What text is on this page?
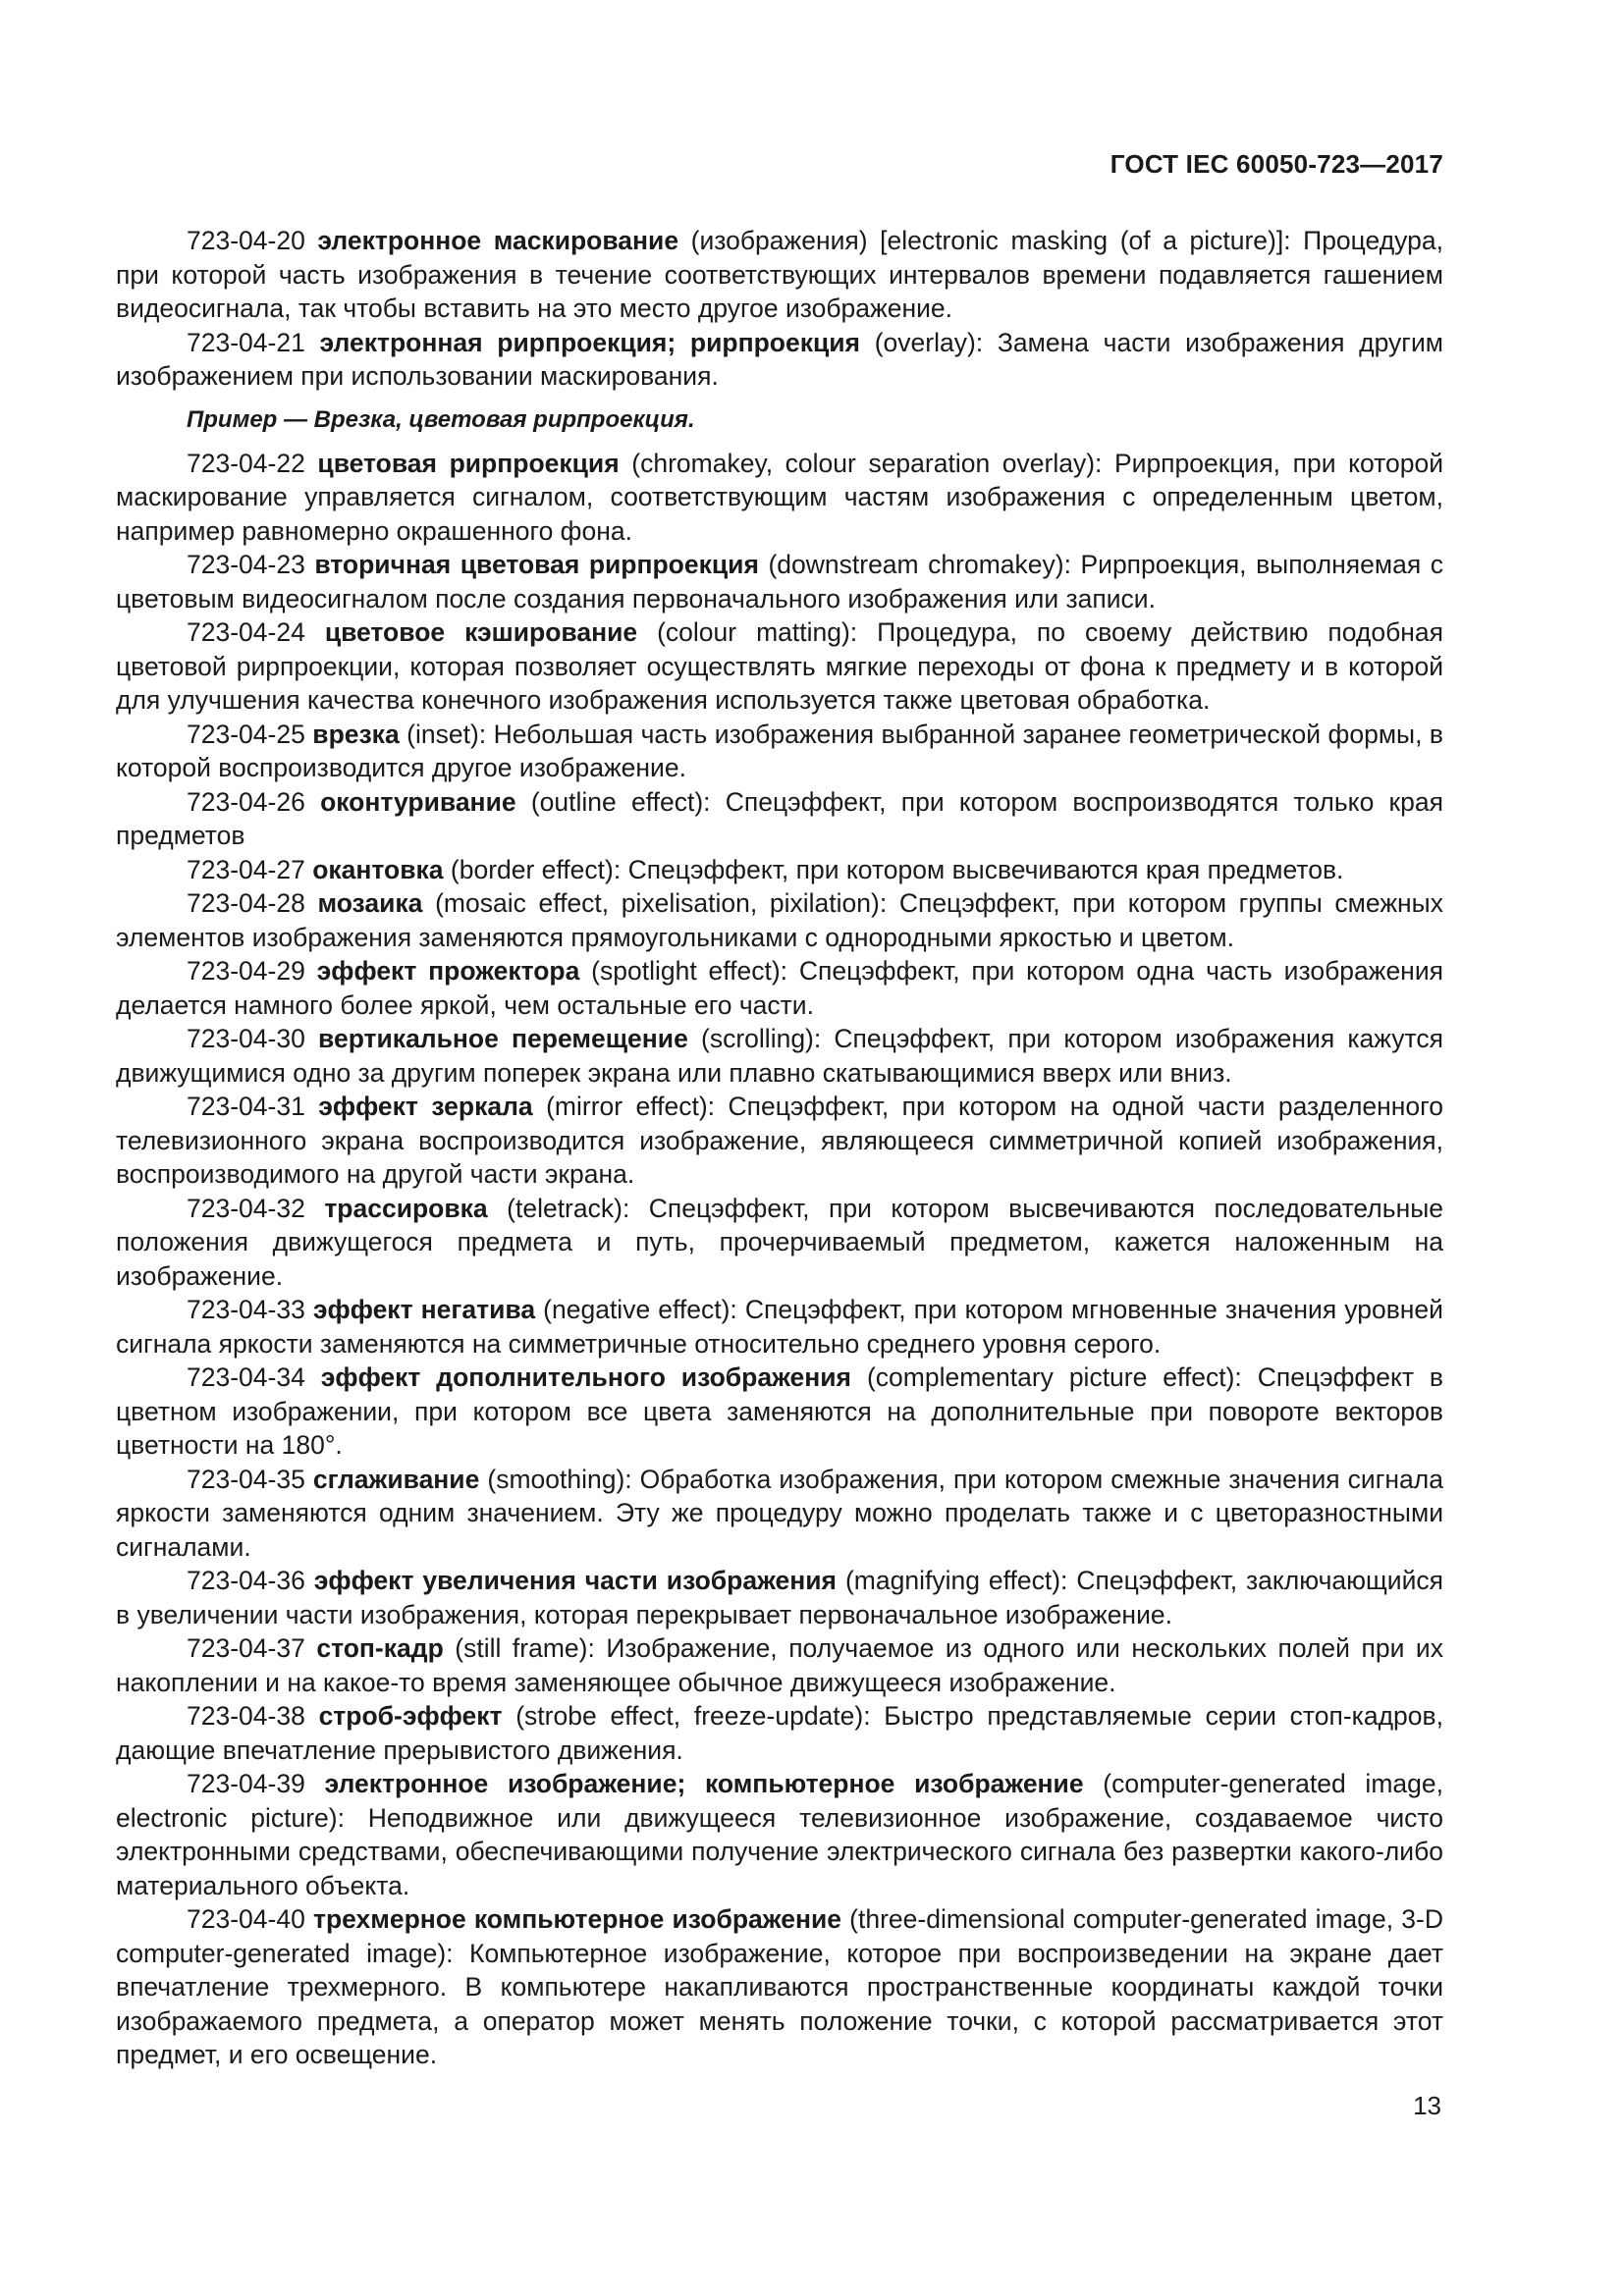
ГОСТ IEC 60050-723—2017

723-04-20 электронное маскирование (изображения) [electronic masking (of a picture)]: Процедура, при которой часть изображения в течение соответствующих интервалов времени подавляется гашением видеосигнала, так чтобы вставить на это место другое изображение.

723-04-21 электронная рирпроекция; рирпроекция (overlay): Замена части изображения другим изображением при использовании маскирования.

Пример — Врезка, цветовая рирпроекция.

723-04-22 цветовая рирпроекция (chromakey, colour separation overlay): Рирпроекция, при которой маскирование управляется сигналом, соответствующим частям изображения с определенным цветом, например равномерно окрашенного фона.

723-04-23 вторичная цветовая рирпроекция (downstream chromakey): Рирпроекция, выполняемая с цветовым видеосигналом после создания первоначального изображения или записи.

723-04-24 цветовое кэширование (colour matting): Процедура, по своему действию подобная цветовой рирпроекции, которая позволяет осуществлять мягкие переходы от фона к предмету и в которой для улучшения качества конечного изображения используется также цветовая обработка.

723-04-25 врезка (inset): Небольшая часть изображения выбранной заранее геометрической формы, в которой воспроизводится другое изображение.

723-04-26 оконтуривание (outline effect): Спецэффект, при котором воспроизводятся только края предметов

723-04-27 окантовка (border effect): Спецэффект, при котором высвечиваются края предметов.

723-04-28 мозаика (mosaic effect, pixelisation, pixilation): Спецэффект, при котором группы смежных элементов изображения заменяются прямоугольниками с однородными яркостью и цветом.

723-04-29 эффект прожектора (spotlight effect): Спецэффект, при котором одна часть изображения делается намного более яркой, чем остальные его части.

723-04-30 вертикальное перемещение (scrolling): Спецэффект, при котором изображения кажутся движущимися одно за другим поперек экрана или плавно скатывающимися вверх или вниз.

723-04-31 эффект зеркала (mirror effect): Спецэффект, при котором на одной части разделенного телевизионного экрана воспроизводится изображение, являющееся симметричной копией изображения, воспроизводимого на другой части экрана.

723-04-32 трассировка (teletrack): Спецэффект, при котором высвечиваются последовательные положения движущегося предмета и путь, прочерчиваемый предметом, кажется наложенным на изображение.

723-04-33 эффект негатива (negative effect): Спецэффект, при котором мгновенные значения уровней сигнала яркости заменяются на симметричные относительно среднего уровня серого.

723-04-34 эффект дополнительного изображения (complementary picture effect): Спецэффект в цветном изображении, при котором все цвета заменяются на дополнительные при повороте векторов цветности на 180°.

723-04-35 сглаживание (smoothing): Обработка изображения, при котором смежные значения сигнала яркости заменяются одним значением. Эту же процедуру можно проделать также и с цветоразностными сигналами.

723-04-36 эффект увеличения части изображения (magnifying effect): Спецэффект, заключающийся в увеличении части изображения, которая перекрывает первоначальное изображение.

723-04-37 стоп-кадр (still frame): Изображение, получаемое из одного или нескольких полей при их накоплении и на какое-то время заменяющее обычное движущееся изображение.

723-04-38 строб-эффект (strobe effect, freeze-update): Быстро представляемые серии стоп-кадров, дающие впечатление прерывистого движения.

723-04-39 электронное изображение; компьютерное изображение (computer-generated image, electronic picture): Неподвижное или движущееся телевизионное изображение, создаваемое чисто электронными средствами, обеспечивающими получение электрического сигнала без развертки какого-либо материального объекта.

723-04-40 трехмерное компьютерное изображение (three-dimensional computer-generated image, 3-D computer-generated image): Компьютерное изображение, которое при воспроизведении на экране дает впечатление трехмерного. В компьютере накапливаются пространственные координаты каждой точки изображаемого предмета, а оператор может менять положение точки, с которой рассматривается этот предмет, и его освещение.

13
